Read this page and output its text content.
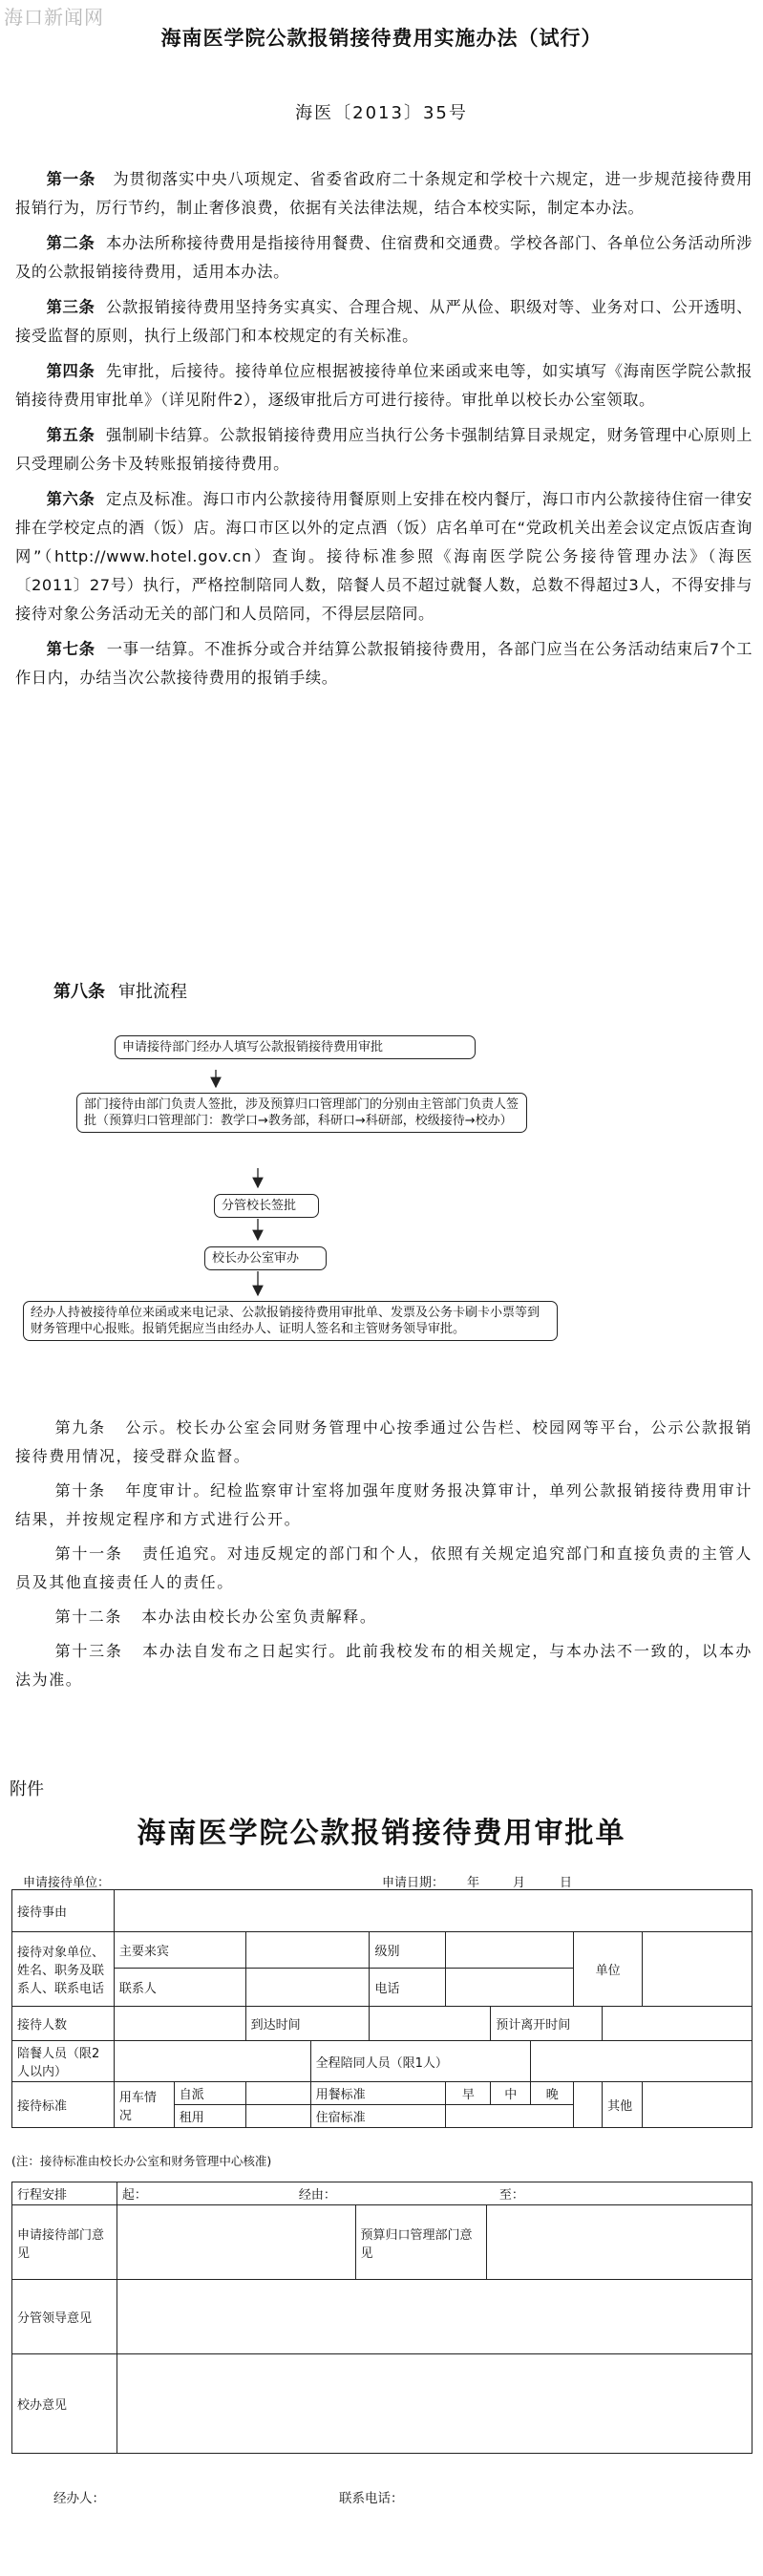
海口新闻网
海南医学院公款报销接待费用实施办法（试行）
海医〔2013〕35号

第一条 为贯彻落实中央八项规定、省委省政府二十条规定和学校十六规定，进一步规范接待费用报销行为，厉行节约，制止奢侈浪费，依据有关法律法规，结合本校实际，制定本办法。

第二条 本办法所称接待费用是指接待用餐费、住宿费和交通费。学校各部门、各单位公务活动所涉及的公款报销接待费用，适用本办法。

第三条 公款报销接待费用坚持务实真实、合理合规、从严从俭、职级对等、业务对口、公开透明、接受监督的原则，执行上级部门和本校规定的有关标准。

第四条 先审批，后接待。接待单位应根据被接待单位来函或来电等，如实填写《海南医学院公款报销接待费用审批单》（详见附件2），逐级审批后方可进行接待。审批单以校长办公室领取。

第五条 强制刷卡结算。公款报销接待费用应当执行公务卡强制结算目录规定，财务管理中心原则上只受理刷公务卡及转账报销接待费用。

第六条 定点及标准。海口市内公款接待用餐原则上安排在校内餐厅，海口市内公款接待住宿一律安排在学校定点的酒（饭）店。海口市区以外的定点酒（饭）店名单可在“党政机关出差会议定点饭店查询网”（http://www.hotel.gov.cn）查询。接待标准参照《海南医学院公务接待管理办法》（海医〔2011〕27号）执行，严格控制陪同人数，陪餐人员不超过就餐人数，总数不得超过3人，不得安排与接待对象公务活动无关的部门和人员陪同，不得层层陪同。

第七条 一事一结算。不准拆分或合并结算公款报销接待费用，各部门应当在公务活动结束后7个工作日内，办结当次公款接待费用的报销手续。

第八条 审批流程
申请接待部门经办人填写公款报销接待费用审批
部门接待由部门负责人签批，涉及预算归口管理部门的分别由主管部门负责人签批（预算归口管理部门：教学口→教务部，科研口→科研部，校级接待→校办）
分管校长签批
校长办公室审办
经办人持被接待单位来函或来电记录、公款报销接待费用审批单、发票及公务卡刷卡小票等到财务管理中心报账。报销凭据应当由经办人、证明人签名和主管财务领导审批。

第九条 公示。校长办公室会同财务管理中心按季通过公告栏、校园网等平台，公示公款报销接待费用情况，接受群众监督。

第十条 年度审计。纪检监察审计室将加强年度财务报决算审计，单列公款报销接待费用审计结果，并按规定程序和方式进行公开。

第十一条 责任追究。对违反规定的部门和个人，依照有关规定追究部门和直接负责的主管人员及其他直接责任人的责任。

第十二条 本办法由校长办公室负责解释。

第十三条 本办法自发布之日起实行。此前我校发布的相关规定，与本办法不一致的，以本办法为准。

附件
海南医学院公款报销接待费用审批单
申请接待单位：	申请日期： 年	月	日
接待事由											
接待对象单位、姓名、职务及联系人、联系电话	主要来宾				级别				单位		
	联系人				电话						
接待人数			到达时间				预计离开时间				
陪餐人员（限2人以内）				全程陪同人员（限1人）							
接待标准	用车情况	自派		用餐标准		早	中	晚		其他	
		租用		住宿标准							
(注：接待标准由校长办公室和财务管理中心核准)
行程安排	起： 经由： 至：		
申请接待部门意见		预算归口管理部门意见	
分管领导意见			
校办意见			
经办人：	联系电话：
